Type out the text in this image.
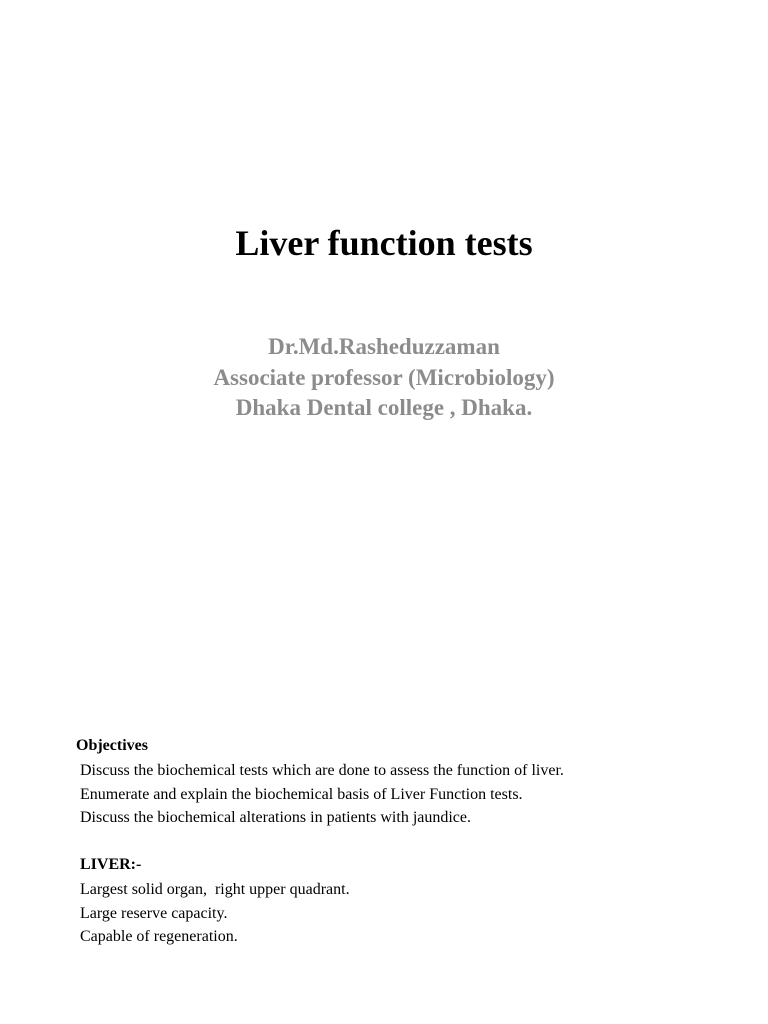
Liver function tests
Dr.Md.Rasheduzzaman
Associate professor (Microbiology)
Dhaka Dental college , Dhaka.
Objectives
Discuss the biochemical tests which are done to assess the function of liver.
Enumerate and explain the biochemical basis of Liver Function tests.
Discuss the biochemical alterations in patients with jaundice.
LIVER:-
Largest solid organ,  right upper quadrant.
Large reserve capacity.
Capable of regeneration.
